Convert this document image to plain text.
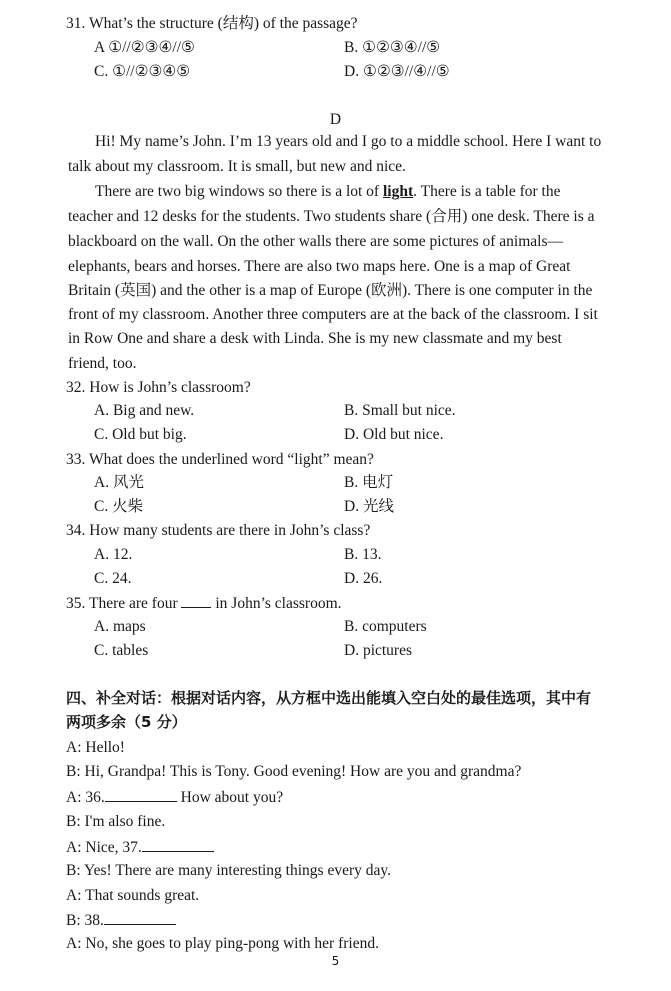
31. What’s the structure (结构) of the passage?
A ①//②③④//⑤	B. ①②③④//⑤
C. ①//②③④⑤	D. ①②③//④//⑤
D
Hi! My name’s John. I’m 13 years old and I go to a middle school. Here I want to
talk about my classroom. It is small, but new and nice.
There are two big windows so there is a lot of light. There is a table for the
teacher and 12 desks for the students. Two students share (合用) one desk. There is a
blackboard on the wall. On the other walls there are some pictures of animals—
elephants, bears and horses. There are also two maps here. One is a map of Great
Britain (英国) and the other is a map of Europe (欧洲). There is one computer in the
front of my classroom. Another three computers are at the back of the classroom. I sit
in Row One and share a desk with Linda. She is my new classmate and my best
friend, too.
32. How is John’s classroom?
A. Big and new.	B. Small but nice.
C. Old but big.	D. Old but nice.
33. What does the underlined word “light” mean?
A. 风光	B. 电灯
C. 火柴	D. 光线
34. How many students are there in John’s class?
A. 12.	B. 13.
C. 24.	D. 26.
35. There are four in John’s classroom.
A. maps	B. computers
C. tables	D. pictures
四、补全对话：根据对话内容，从方框中选出能填入空白处的最佳选项，其中有
两项多余（5 分）
A: Hello!
B: Hi, Grandpa! This is Tony. Good evening! How are you and grandma?
A: 36.	How about you?
B: I'm also fine.
A: Nice, 37.
B: Yes! There are many interesting things every day.
A: That sounds great.
B: 38.
A: No, she goes to play ping-pong with her friend.
5
